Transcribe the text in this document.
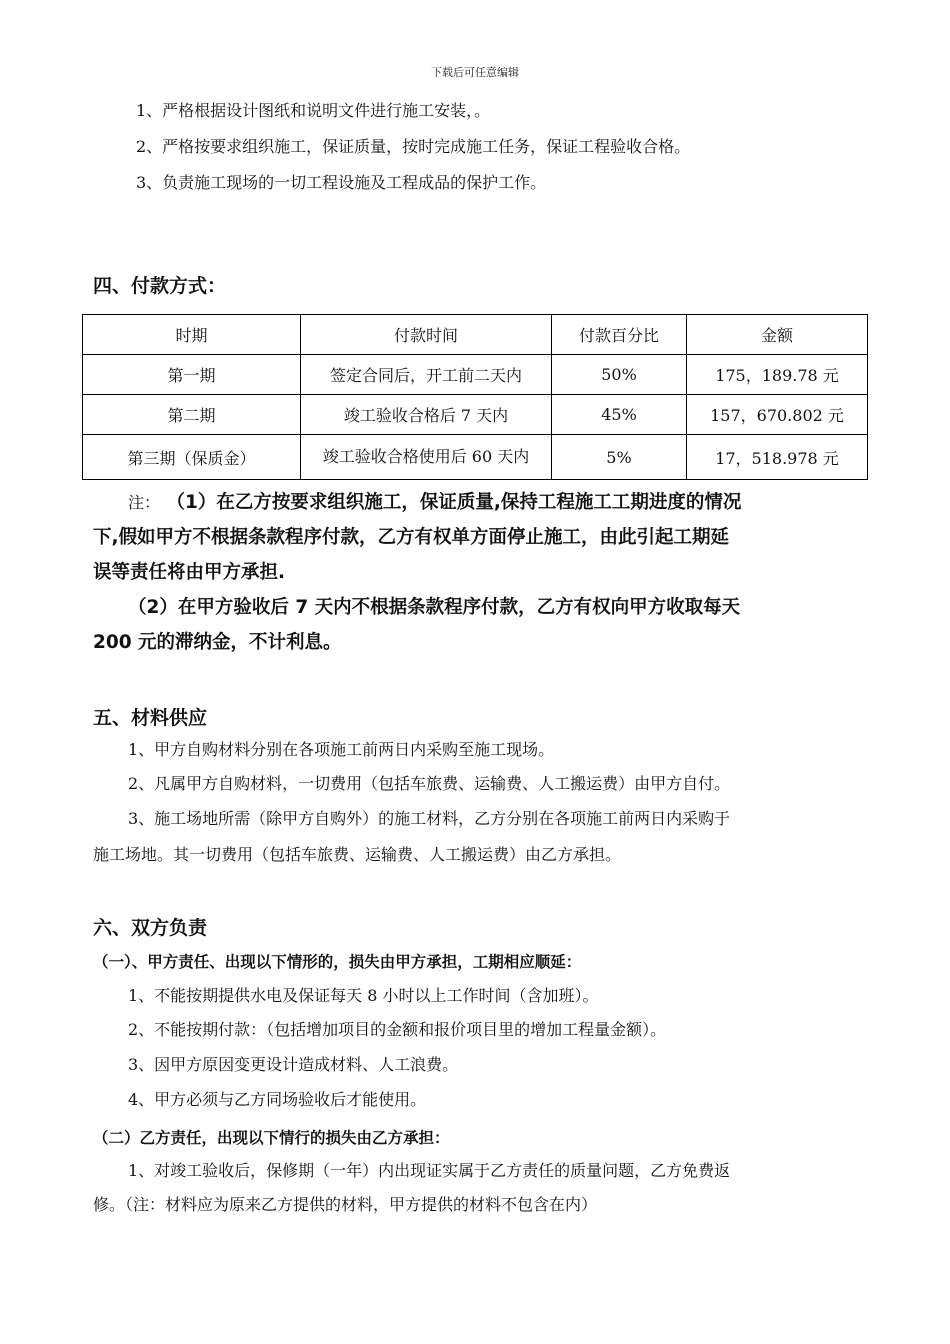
下载后可任意编辑
1、严格根据设计图纸和说明文件进行施工安装，。
2、严格按要求组织施工，保证质量，按时完成施工任务，保证工程验收合格。
3、负责施工现场的一切工程设施及工程成品的保护工作。
四、付款方式：
时期	付款时间	付款百分比	金额
第一期	签定合同后，开工前二天内	50%	175，189.78 元
第二期	竣工验收合格后 7 天内	45%	157，670.802 元
第三期（保质金）	竣工验收合格使用后 60 天内	5%	17，518.978 元
注： （1）在乙方按要求组织施工，保证质量,保持工程施工工期进度的情况
下,假如甲方不根据条款程序付款，乙方有权单方面停止施工，由此引起工期延
误等责任将由甲方承担.
（2）在甲方验收后 7 天内不根据条款程序付款，乙方有权向甲方收取每天
200 元的滞纳金，不计利息。
五、材料供应
1、甲方自购材料分别在各项施工前两日内采购至施工现场。
2、凡属甲方自购材料，一切费用（包括车旅费、运输费、人工搬运费）由甲方自付。
3、施工场地所需（除甲方自购外）的施工材料，乙方分别在各项施工前两日内采购于
施工场地。其一切费用（包括车旅费、运输费、人工搬运费）由乙方承担。
六、双方负责
（一）、甲方责任、出现以下情形的，损失由甲方承担，工期相应顺延：
1、不能按期提供水电及保证每天 8 小时以上工作时间（含加班）。
2、不能按期付款：（包括增加项目的金额和报价项目里的增加工程量金额）。
3、因甲方原因变更设计造成材料、人工浪费。
4、甲方必须与乙方同场验收后才能使用。
（二）乙方责任，出现以下情行的损失由乙方承担：
1、对竣工验收后，保修期（一年）内出现证实属于乙方责任的质量问题，乙方免费返
修。（注：材料应为原来乙方提供的材料，甲方提供的材料不包含在内）
